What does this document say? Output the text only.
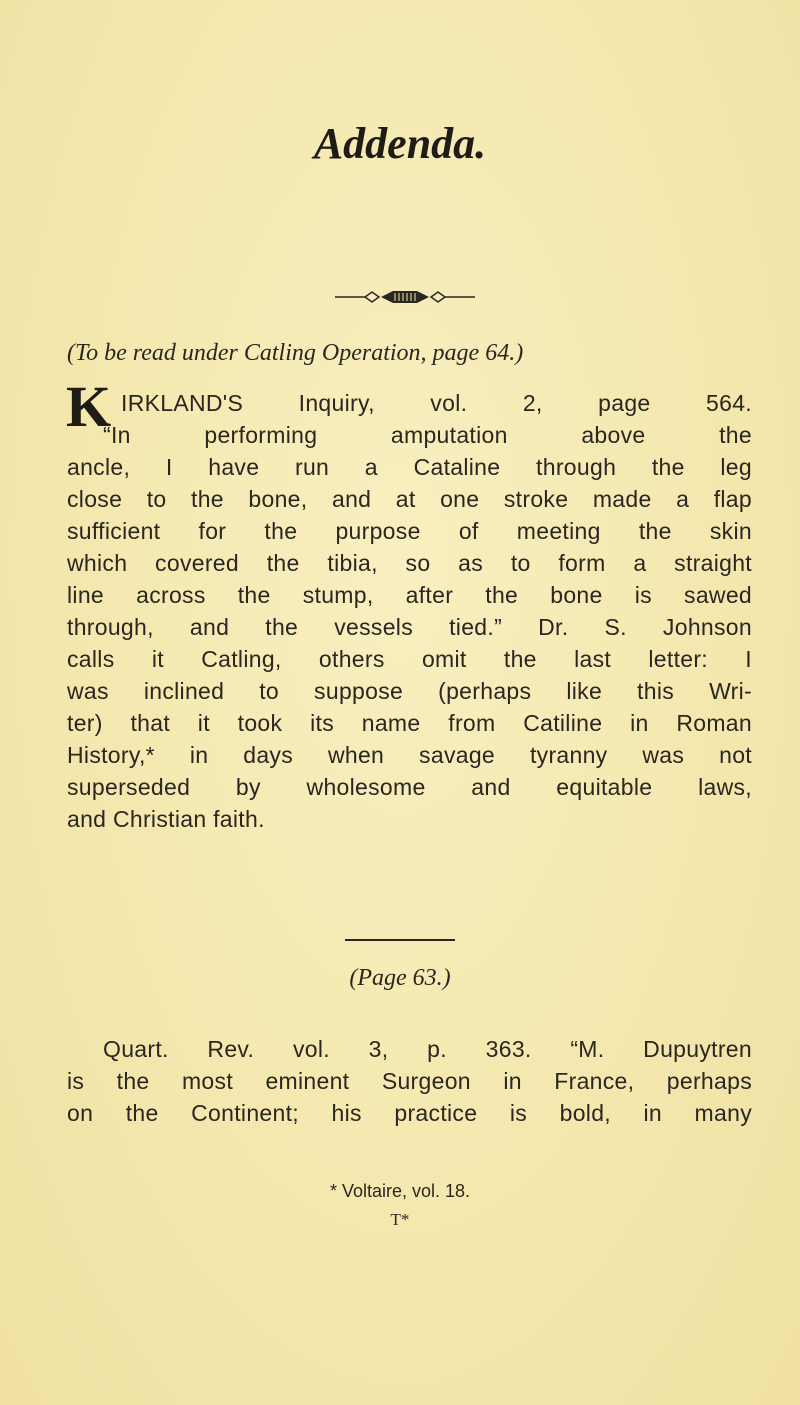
Addenda.
(To be read under Catling Operation, page 64.)
K IRKLAND'S Inquiry, vol. 2, page 564.
“In performing amputation above the
ancle, I have run a Cataline through the leg
close to the bone, and at one stroke made a flap
sufficient for the purpose of meeting the skin
which covered the tibia, so as to form a straight
line across the stump, after the bone is sawed
through, and the vessels tied.” Dr. S. Johnson
calls it Catling, others omit the last letter: I
was inclined to suppose (perhaps like this Wri-
ter) that it took its name from Catiline in Roman
History,* in days when savage tyranny was not
superseded by wholesome and equitable laws,
and Christian faith.
(Page 63.)
Quart. Rev. vol. 3, p. 363. “M. Dupuytren
is the most eminent Surgeon in France, perhaps
on the Continent; his practice is bold, in many
* Voltaire, vol. 18.
T*
